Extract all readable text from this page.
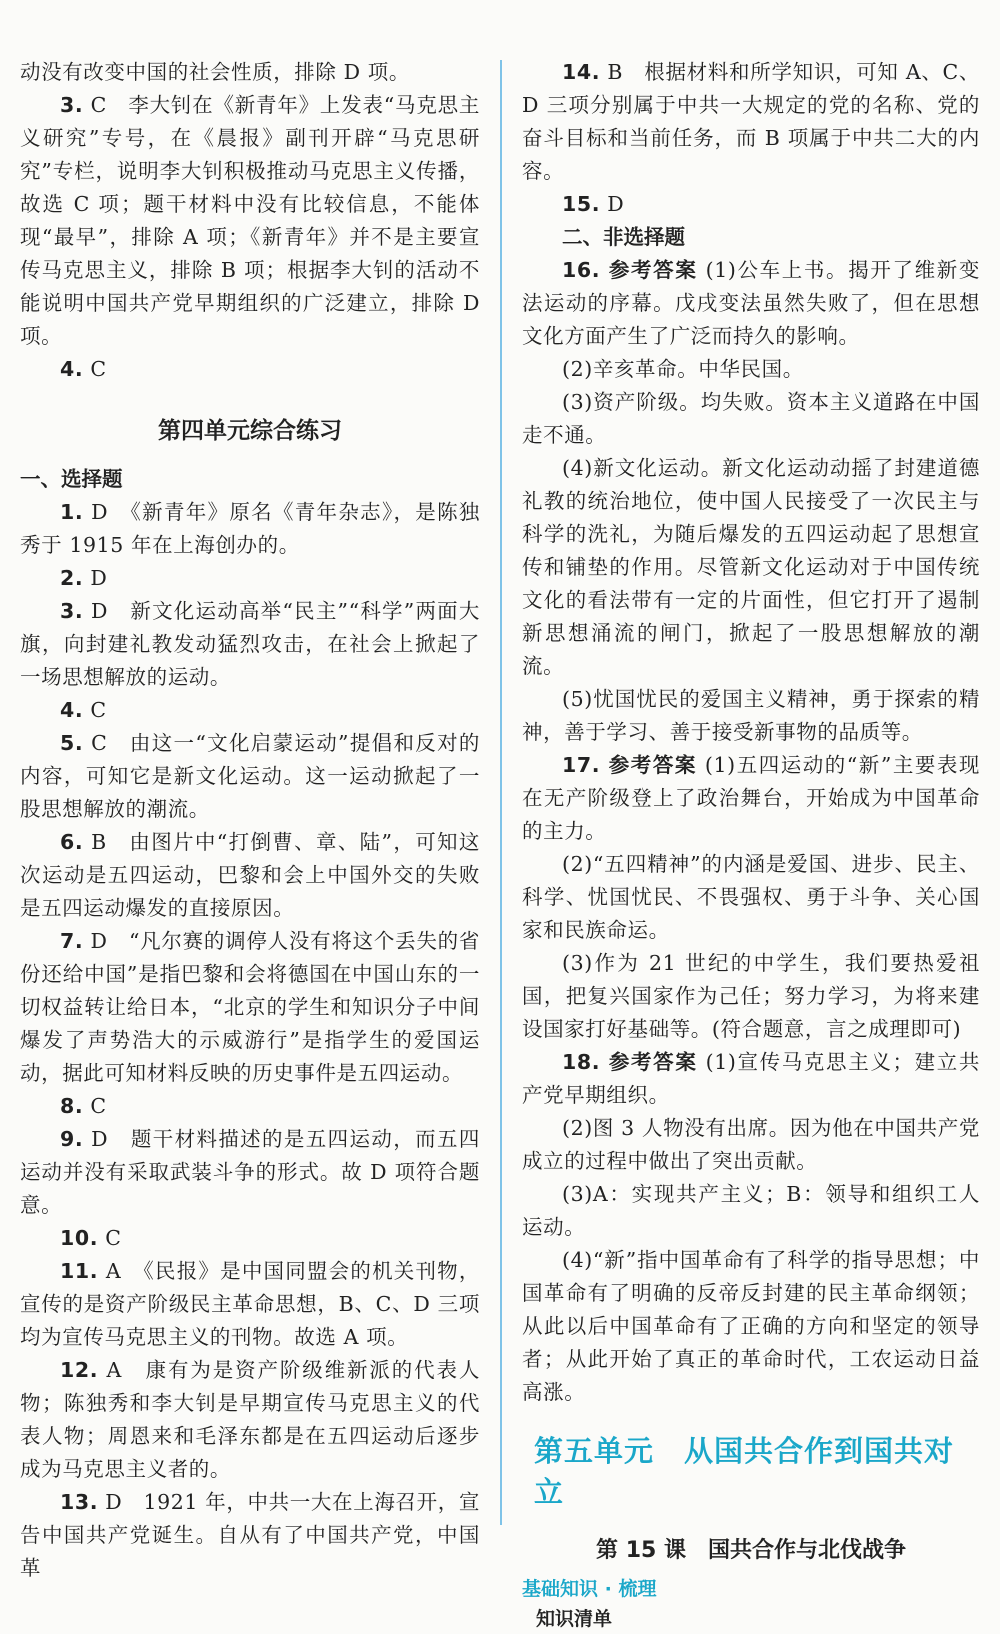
动没有改变中国的社会性质，排除 D 项。

3. C　李大钊在《新青年》上发表“马克思主义研究”专号，在《晨报》副刊开辟“马克思研究”专栏，说明李大钊积极推动马克思主义传播，故选 C 项；题干材料中没有比较信息，不能体现“最早”，排除 A 项；《新青年》并不是主要宣传马克思主义，排除 B 项；根据李大钊的活动不能说明中国共产党早期组织的广泛建立，排除 D 项。

4. C

第四单元综合练习
一、选择题

1. D　《新青年》原名《青年杂志》，是陈独秀于 1915 年在上海创办的。

2. D

3. D　新文化运动高举“民主”“科学”两面大旗，向封建礼教发动猛烈攻击，在社会上掀起了一场思想解放的运动。

4. C

5. C　由这一“文化启蒙运动”提倡和反对的内容，可知它是新文化运动。这一运动掀起了一股思想解放的潮流。

6. B　由图片中“打倒曹、章、陆”，可知这次运动是五四运动，巴黎和会上中国外交的失败是五四运动爆发的直接原因。

7. D　“凡尔赛的调停人没有将这个丢失的省份还给中国”是指巴黎和会将德国在中国山东的一切权益转让给日本，“北京的学生和知识分子中间爆发了声势浩大的示威游行”是指学生的爱国运动，据此可知材料反映的历史事件是五四运动。

8. C

9. D　题干材料描述的是五四运动，而五四运动并没有采取武装斗争的形式。故 D 项符合题意。

10. C

11. A　《民报》是中国同盟会的机关刊物，宣传的是资产阶级民主革命思想，B、C、D 三项均为宣传马克思主义的刊物。故选 A 项。

12. A　康有为是资产阶级维新派的代表人物；陈独秀和李大钊是早期宣传马克思主义的代表人物；周恩来和毛泽东都是在五四运动后逐步成为马克思主义者的。

13. D　1921 年，中共一大在上海召开，宣告中国共产党诞生。自从有了中国共产党，中国革

14. B　根据材料和所学知识，可知 A、C、D 三项分别属于中共一大规定的党的名称、党的奋斗目标和当前任务，而 B 项属于中共二大的内容。

15. D

二、非选择题

16. 参考答案 (1)公车上书。揭开了维新变法运动的序幕。戊戌变法虽然失败了，但在思想文化方面产生了广泛而持久的影响。

(2)辛亥革命。中华民国。

(3)资产阶级。均失败。资本主义道路在中国走不通。

(4)新文化运动。新文化运动动摇了封建道德礼教的统治地位，使中国人民接受了一次民主与科学的洗礼，为随后爆发的五四运动起了思想宣传和铺垫的作用。尽管新文化运动对于中国传统文化的看法带有一定的片面性，但它打开了遏制新思想涌流的闸门，掀起了一股思想解放的潮流。

(5)忧国忧民的爱国主义精神，勇于探索的精神，善于学习、善于接受新事物的品质等。

17. 参考答案 (1)五四运动的“新”主要表现在无产阶级登上了政治舞台，开始成为中国革命的主力。

(2)“五四精神”的内涵是爱国、进步、民主、科学、忧国忧民、不畏强权、勇于斗争、关心国家和民族命运。

(3)作为 21 世纪的中学生，我们要热爱祖国，把复兴国家作为己任；努力学习，为将来建设国家打好基础等。(符合题意，言之成理即可)

18. 参考答案 (1)宣传马克思主义；建立共产党早期组织。

(2)图 3 人物没有出席。因为他在中国共产党成立的过程中做出了突出贡献。

(3)A：实现共产主义；B：领导和组织工人运动。

(4)“新”指中国革命有了科学的指导思想；中国革命有了明确的反帝反封建的民主革命纲领；从此以后中国革命有了正确的方向和坚定的领导者；从此开始了真正的革命时代，工农运动日益高涨。

第五单元　从国共合作到国共对立
第 15 课　国共合作与北伐战争
基础知识 · 梳理
知识清单
